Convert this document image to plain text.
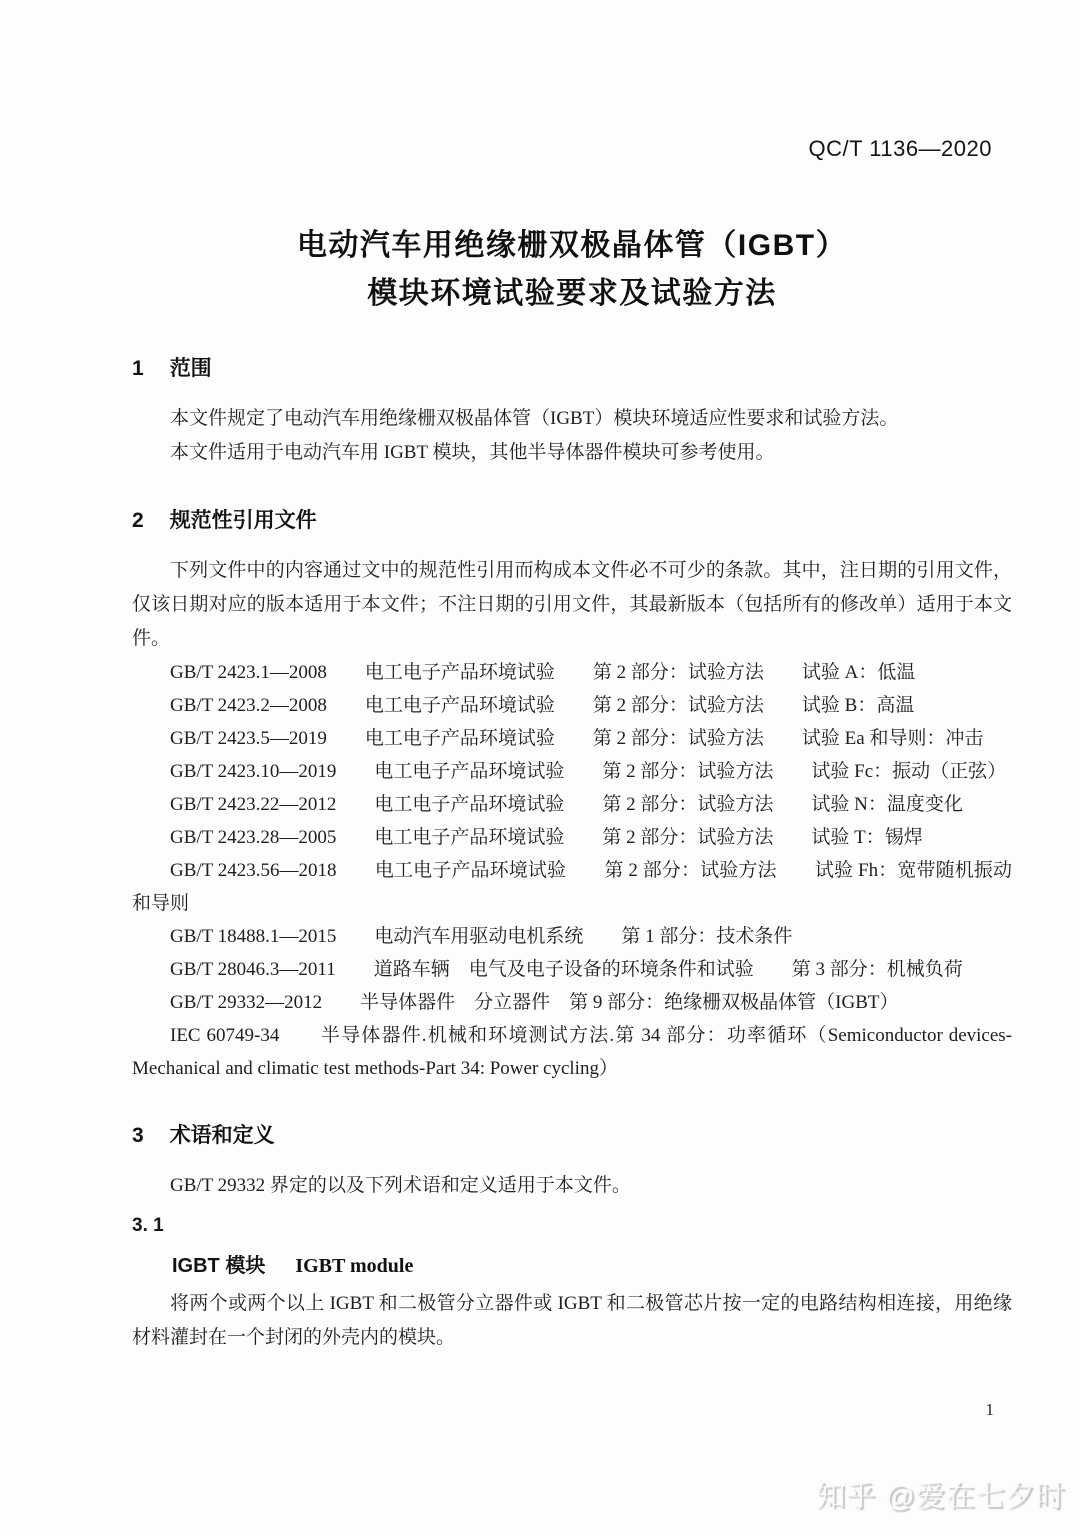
QC/T 1136—2020
电动汽车用绝缘栅双极晶体管（IGBT）
模块环境试验要求及试验方法
1 范围

本文件规定了电动汽车用绝缘栅双极晶体管（IGBT）模块环境适应性要求和试验方法。

本文件适用于电动汽车用 IGBT 模块，其他半导体器件模块可参考使用。

2 规范性引用文件

下列文件中的内容通过文中的规范性引用而构成本文件必不可少的条款。其中，注日期的引用文件，仅该日期对应的版本适用于本文件；不注日期的引用文件，其最新版本（包括所有的修改单）适用于本文件。

GB/T 2423.1—2008　　电工电子产品环境试验　　第 2 部分：试验方法　　试验 A：低温

GB/T 2423.2—2008　　电工电子产品环境试验　　第 2 部分：试验方法　　试验 B：高温

GB/T 2423.5—2019　　电工电子产品环境试验　　第 2 部分：试验方法　　试验 Ea 和导则：冲击

GB/T 2423.10—2019　　电工电子产品环境试验　　第 2 部分：试验方法　　试验 Fc：振动（正弦）

GB/T 2423.22—2012　　电工电子产品环境试验　　第 2 部分：试验方法　　试验 N：温度变化

GB/T 2423.28—2005　　电工电子产品环境试验　　第 2 部分：试验方法　　试验 T：锡焊

GB/T 2423.56—2018　　电工电子产品环境试验　　第 2 部分：试验方法　　试验 Fh：宽带随机振动和导则

GB/T 18488.1—2015　　电动汽车用驱动电机系统　　第 1 部分：技术条件

GB/T 28046.3—2011　　道路车辆　电气及电子设备的环境条件和试验　　第 3 部分：机械负荷

GB/T 29332—2012　　半导体器件　分立器件　第 9 部分：绝缘栅双极晶体管（IGBT）

IEC 60749-34　　半导体器件.机械和环境测试方法.第 34 部分：功率循环（Semiconductor devices-Mechanical and climatic test methods-Part 34: Power cycling）

3 术语和定义

GB/T 29332 界定的以及下列术语和定义适用于本文件。

3. 1
IGBT 模块 IGBT module

将两个或两个以上 IGBT 和二极管分立器件或 IGBT 和二极管芯片按一定的电路结构相连接，用绝缘材料灌封在一个封闭的外壳内的模块。

1
知乎 @爱在七夕时
